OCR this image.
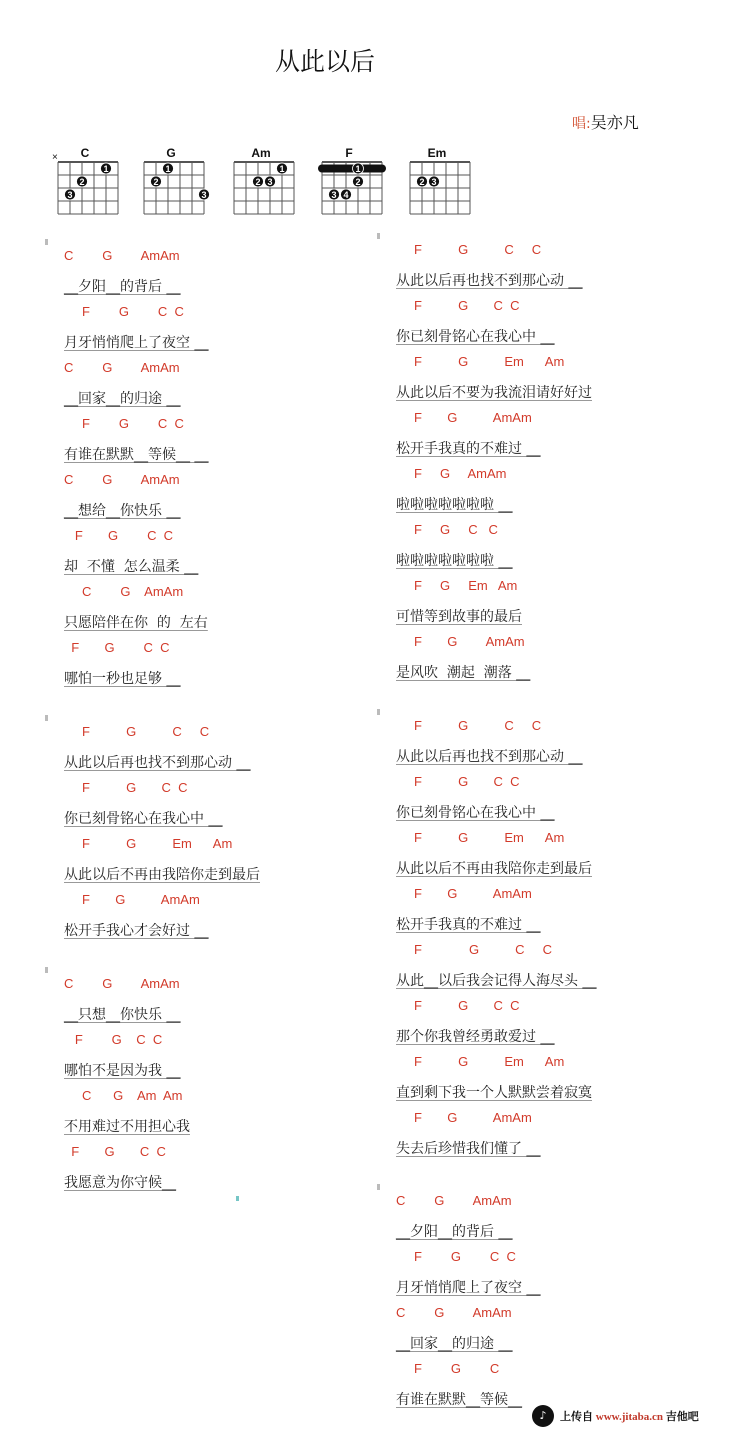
从此以后
唱:吴亦凡
C
1
2
3
×	G
2
1
3
Am
1
2 3
F
1
2
3 4
Em
2 3
C        G        AmAm
__夕阳__的背后 __
F        G        C  C
月牙悄悄爬上了夜空 __
C        G        AmAm
__回家__的归途 __
F        G        C  C
有谁在默默__等候__ __
C        G        AmAm
__想给__你快乐 __
F       G        C  C
却  不懂  怎么温柔 __
C        G    AmAm
只愿陪伴在你  的  左右
F       G        C  C
哪怕一秒也足够 __
F          G          C     C
从此以后再也找不到那心动 __
F          G       C  C
你已刻骨铭心在我心中 __
F          G          Em      Am
从此以后不再由我陪你走到最后
F       G          AmAm
松开手我心才会好过 __
C        G        AmAm
__只想__你快乐 __
F        G    C  C
哪怕不是因为我 __
C      G    Am  Am
不用难过不用担心我
F       G       C  C
我愿意为你守候__
F          G          C     C
从此以后再也找不到那心动 __
F          G       C  C
你已刻骨铭心在我心中 __
F          G          Em      Am
从此以后不要为我流泪请好好过
F       G          AmAm
松开手我真的不难过 __
F     G     AmAm
啦啦啦啦啦啦啦 __
F     G     C   C
啦啦啦啦啦啦啦 __
F     G     Em   Am
可惜等到故事的最后
F       G        AmAm
是风吹  潮起  潮落 __
F          G          C     C
从此以后再也找不到那心动 __
F          G       C  C
你已刻骨铭心在我心中 __
F          G          Em      Am
从此以后不再由我陪你走到最后
F       G          AmAm
松开手我真的不难过 __
F             G          C     C
从此__以后我会记得人海尽头 __
F          G       C  C
那个你我曾经勇敢爱过 __
F          G          Em      Am
直到剩下我一个人默默尝着寂寞
F       G          AmAm
失去后珍惜我们懂了 __
C        G        AmAm
__夕阳__的背后 __
F        G        C  C
月牙悄悄爬上了夜空 __
C        G        AmAm
__回家__的归途 __
F        G        C
有谁在默默__等候__
♪	上传自 www.jitaba.cn 吉他吧
